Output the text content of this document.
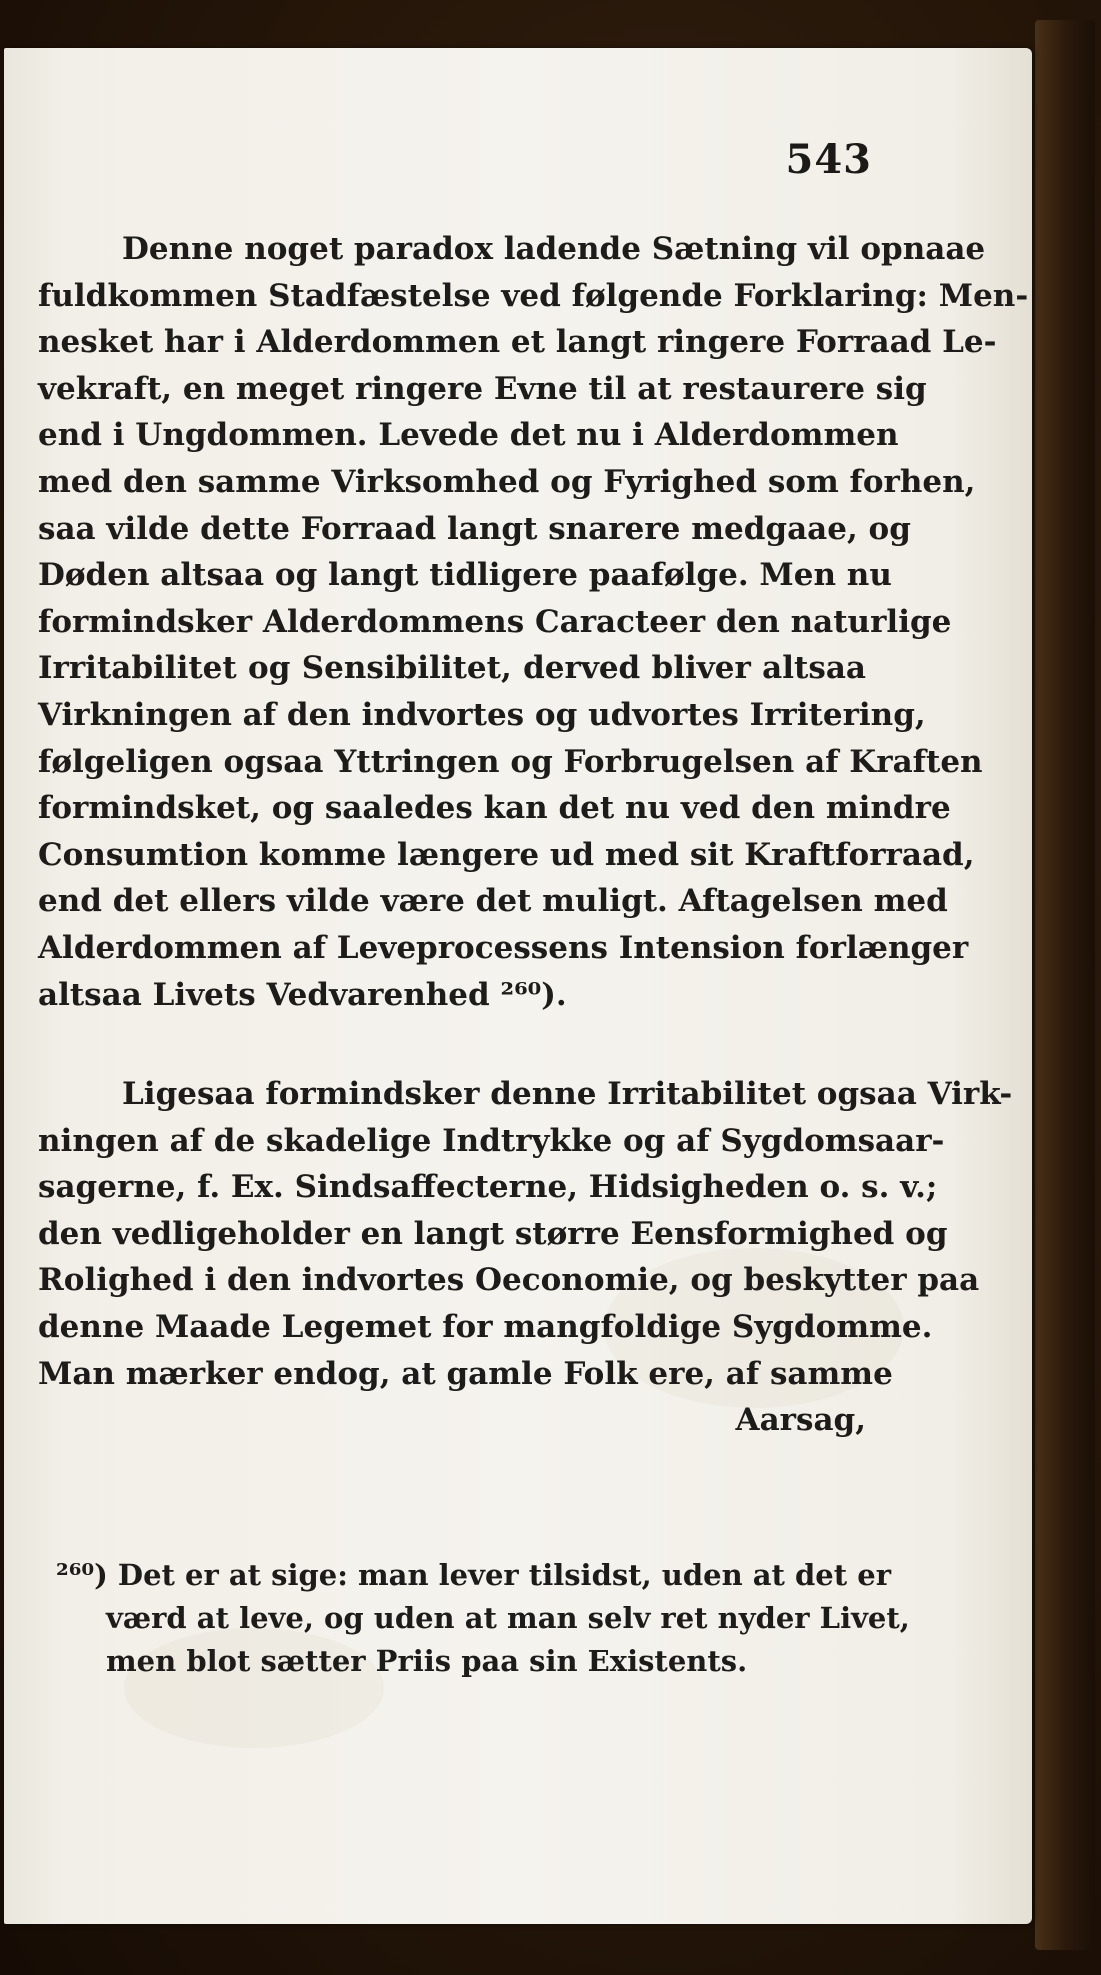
543
Denne noget paradox ladende Sætning vil opnaae
fuldkommen Stadfæstelse ved følgende Forklaring: Men-
nesket har i Alderdommen et langt ringere Forraad Le-
vekraft, en meget ringere Evne til at restaurere sig
end i Ungdommen. Levede det nu i Alderdommen
med den samme Virksomhed og Fyrighed som forhen,
saa vilde dette Forraad langt snarere medgaae, og
Døden altsaa og langt tidligere paafølge. Men nu
formindsker Alderdommens Caracteer den naturlige
Irritabilitet og Sensibilitet, derved bliver altsaa
Virkningen af den indvortes og udvortes Irritering,
følgeligen ogsaa Yttringen og Forbrugelsen af Kraften
formindsket, og saaledes kan det nu ved den mindre
Consumtion komme længere ud med sit Kraftforraad,
end det ellers vilde være det muligt. Aftagelsen med
Alderdommen af Leveprocessens Intension forlænger
altsaa Livets Vedvarenhed ²⁶⁰).
Ligesaa formindsker denne Irritabilitet ogsaa Virk-
ningen af de skadelige Indtrykke og af Sygdomsaar-
sagerne, f. Ex. Sindsaffecterne, Hidsigheden o. s. v.;
den vedligeholder en langt større Eensformighed og
Rolighed i den indvortes Oeconomie, og beskytter paa
denne Maade Legemet for mangfoldige Sygdomme.
Man mærker endog, at gamle Folk ere, af samme
Aarsag,
²⁶⁰) Det er at sige: man lever tilsidst, uden at det er
værd at leve, og uden at man selv ret nyder Livet,
men blot sætter Priis paa sin Existents.
